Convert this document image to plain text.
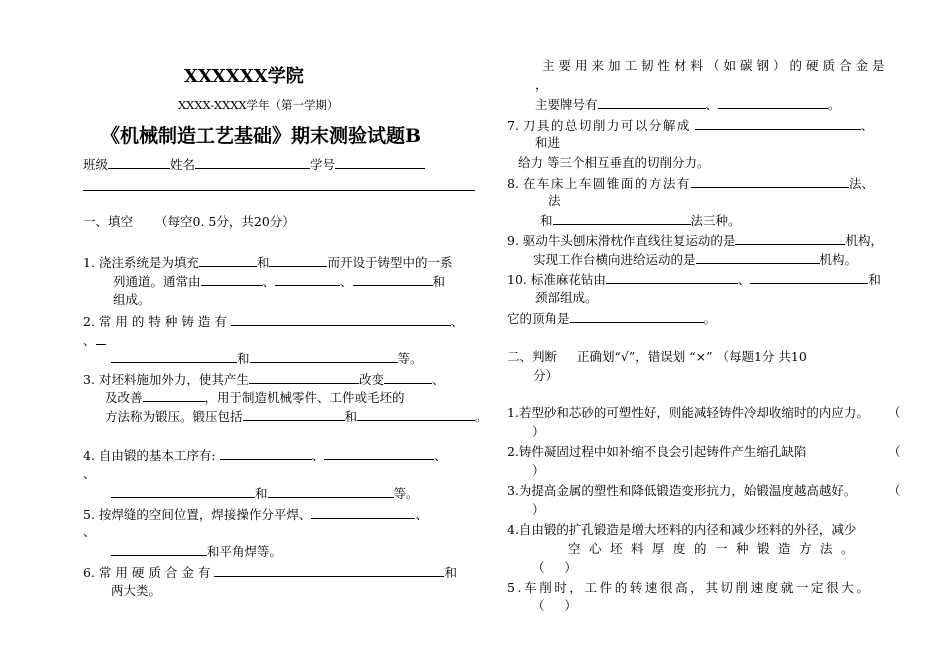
XXXXXX学院
XXXX-XXXX学年（第一学期）
《机械制造工艺基础》期末测验试题B
班级	姓名	学号
一、填空 （每空0. 5分，共20分）
1. 浇注系统是为填充	和	而开设于铸型中的一系
列通道。通常由	、	、	和
组成。
2. 常用的特种铸造有	、
、
和	等。
3. 对坯料施加外力，使其产生	改变	、
及改善	，用于制造机械零件、工件或毛坯的
方法称为锻压。锻压包括	和	。
4. 自由锻的基本工序有:	、	、
、
和	等。
5. 按焊缝的空间位置，焊接操作分平焊、	、
、
和平角焊等。
6. 常用硬质合金有	和
两大类。
主要用来加工韧性材料（如碳钢）的硬质合金是
，
主要牌号有	、	。
7. 刀具的总切削力可以分解成	、
和进
给力 等三个相互垂直的切削分力。
8. 在车床上车圆锥面的方法有	法、
法
和	法三种。
9. 驱动牛头刨床滑枕作直线往复运动的是	机构，
实现工作台横向进给运动的是	机构。
10. 标准麻花钻由	、	和
颈部组成。
它的顶角是	。
二、判断 正确划“√”，错误划 “×” （每题1分 共10
分）
1.若型砂和芯砂的可塑性好，则能减轻铸件冷却收缩时的内应力。 （
）
2.铸件凝固过程中如补缩不良会引起铸件产生缩孔缺陷	（
）
3.为提高金属的塑性和降低锻造变形抗力，始锻温度越高越好。	（
）
4.自由锻的扩孔锻造是增大坯料的内径和减少坯料的外径，减少
空心坯料厚度的一种锻造方法。
（     ）
5.车削时，工件的转速很高，其切削速度就一定很大。
（     ）
